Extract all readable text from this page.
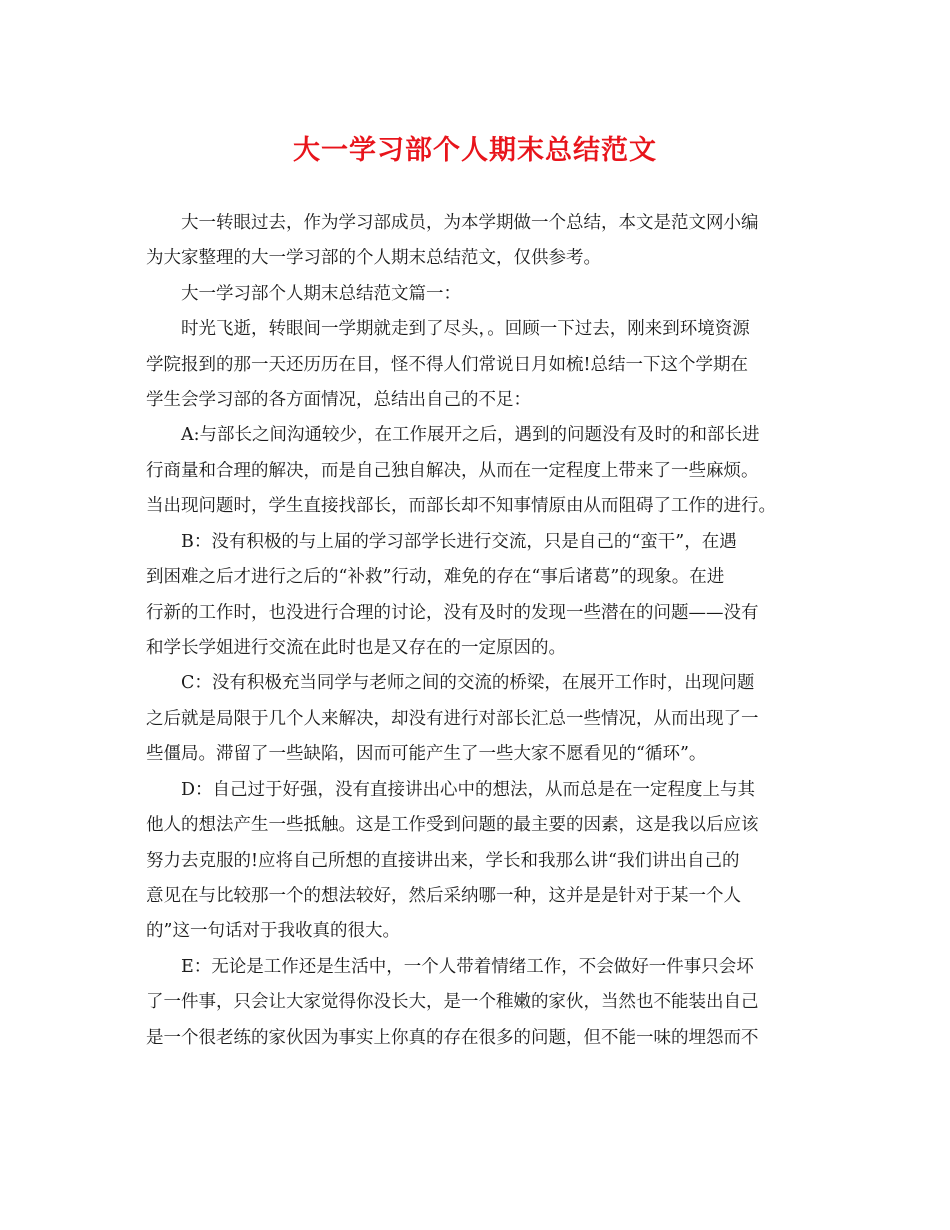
大一学习部个人期末总结范文
大一转眼过去，作为学习部成员，为本学期做一个总结，本文是范文网小编
为大家整理的大一学习部的个人期末总结范文，仅供参考。
大一学习部个人期末总结范文篇一：
时光飞逝，转眼间一学期就走到了尽头，。回顾一下过去，刚来到环境资源
学院报到的那一天还历历在目，怪不得人们常说日月如梳!总结一下这个学期在
学生会学习部的各方面情况，总结出自己的不足：
A:与部长之间沟通较少，在工作展开之后，遇到的问题没有及时的和部长进
行商量和合理的解决，而是自己独自解决，从而在一定程度上带来了一些麻烦。
当出现问题时，学生直接找部长，而部长却不知事情原由从而阻碍了工作的进行。
B：没有积极的与上届的学习部学长进行交流，只是自己的“蛮干”，在遇
到困难之后才进行之后的“补救”行动，难免的存在“事后诸葛”的现象。在进
行新的工作时，也没进行合理的讨论，没有及时的发现一些潜在的问题——没有
和学长学姐进行交流在此时也是又存在的一定原因的。
C：没有积极充当同学与老师之间的交流的桥梁，在展开工作时，出现问题
之后就是局限于几个人来解决，却没有进行对部长汇总一些情况，从而出现了一
些僵局。滞留了一些缺陷，因而可能产生了一些大家不愿看见的“循环”。
D：自己过于好强，没有直接讲出心中的想法，从而总是在一定程度上与其
他人的想法产生一些抵触。这是工作受到问题的最主要的因素，这是我以后应该
努力去克服的!应将自己所想的直接讲出来，学长和我那么讲“我们讲出自己的
意见在与比较那一个的想法较好，然后采纳哪一种，这并是是针对于某一个人
的”这一句话对于我收真的很大。
E：无论是工作还是生活中，一个人带着情绪工作，不会做好一件事只会坏
了一件事，只会让大家觉得你没长大，是一个稚嫩的家伙，当然也不能装出自己
是一个很老练的家伙因为事实上你真的存在很多的问题，但不能一味的埋怨而不
